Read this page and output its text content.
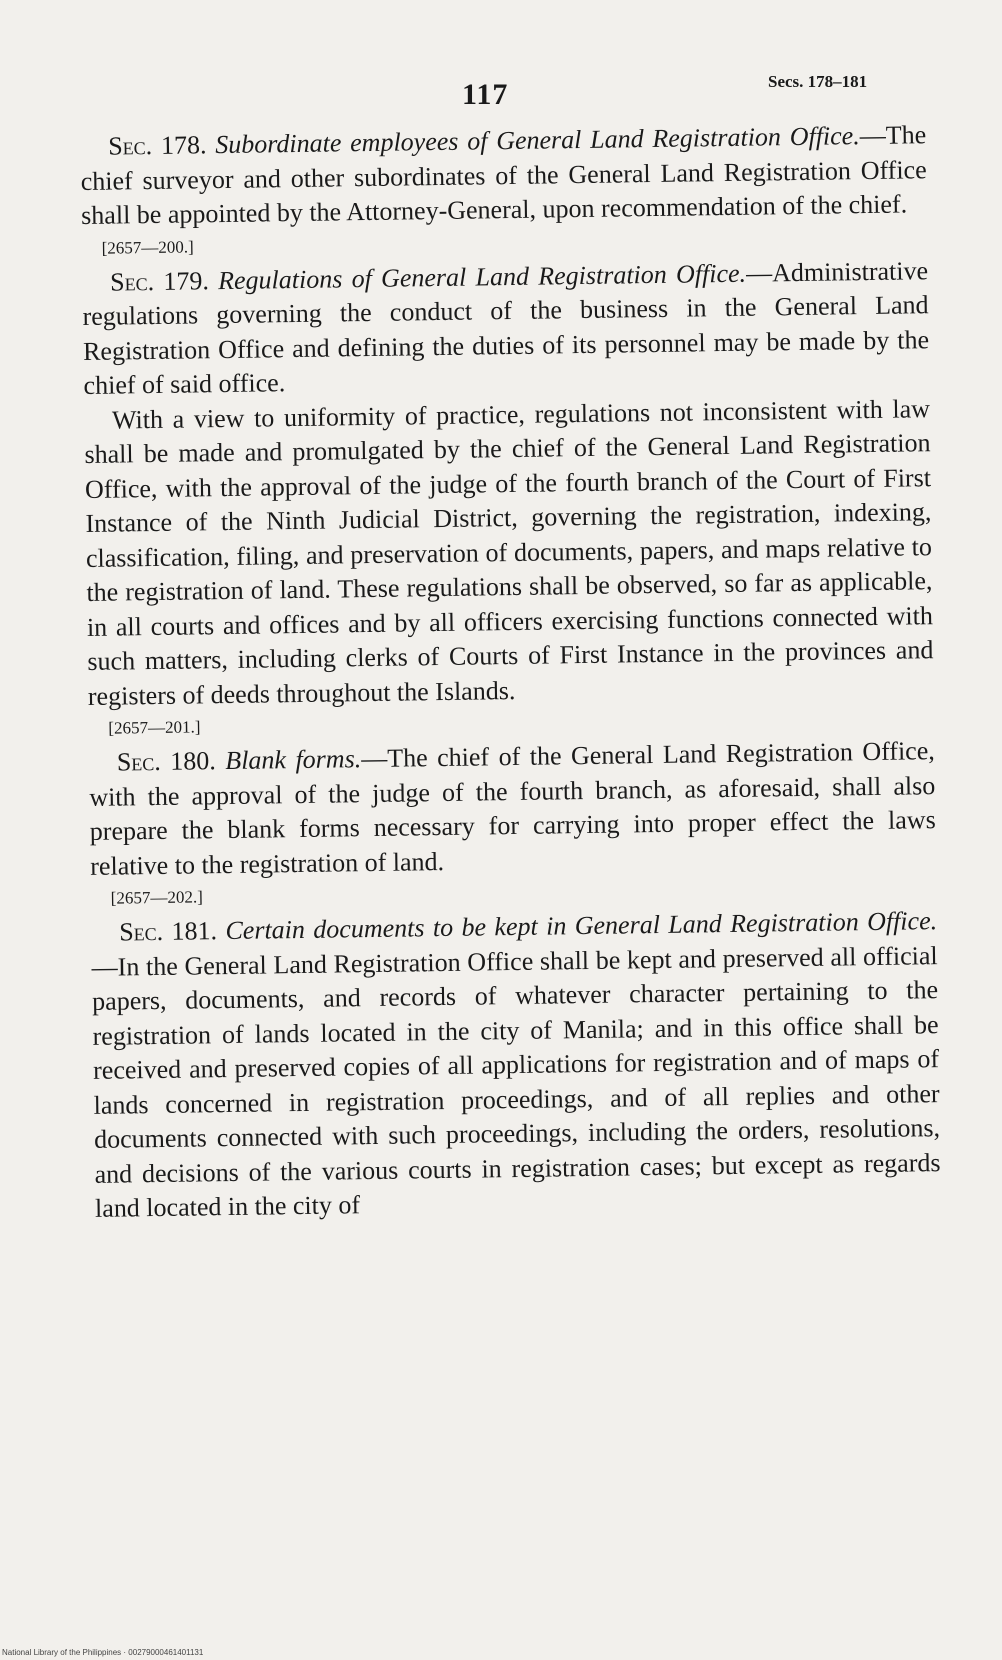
117	Secs. 178–181

Sec. 178. Subordinate employees of General Land Registration Office.—The chief surveyor and other subordinates of the General Land Registration Office shall be appointed by the Attorney-General, upon recommendation of the chief.

[2657—200.]

Sec. 179. Regulations of General Land Registration Office.—Administrative regulations governing the conduct of the business in the General Land Registration Office and defining the duties of its personnel may be made by the chief of said office.

With a view to uniformity of practice, regulations not inconsistent with law shall be made and promulgated by the chief of the General Land Registration Office, with the approval of the judge of the fourth branch of the Court of First Instance of the Ninth Judicial District, governing the registration, indexing, classification, filing, and preservation of documents, papers, and maps relative to the registration of land. These regulations shall be observed, so far as applicable, in all courts and offices and by all officers exercising functions connected with such matters, including clerks of Courts of First Instance in the provinces and registers of deeds throughout the Islands.

[2657—201.]

Sec. 180. Blank forms.—The chief of the General Land Registration Office, with the approval of the judge of the fourth branch, as aforesaid, shall also prepare the blank forms necessary for carrying into proper effect the laws relative to the registration of land.

[2657—202.]

Sec. 181. Certain documents to be kept in General Land Registration Office.—In the General Land Registration Office shall be kept and preserved all official papers, documents, and records of whatever character pertaining to the registration of lands located in the city of Manila; and in this office shall be received and preserved copies of all applications for registration and of maps of lands concerned in registration proceedings, and of all replies and other documents connected with such proceedings, including the orders, resolutions, and decisions of the various courts in registration cases; but except as regards land located in the city of

National Library of the Philippines · 00279000461401131
